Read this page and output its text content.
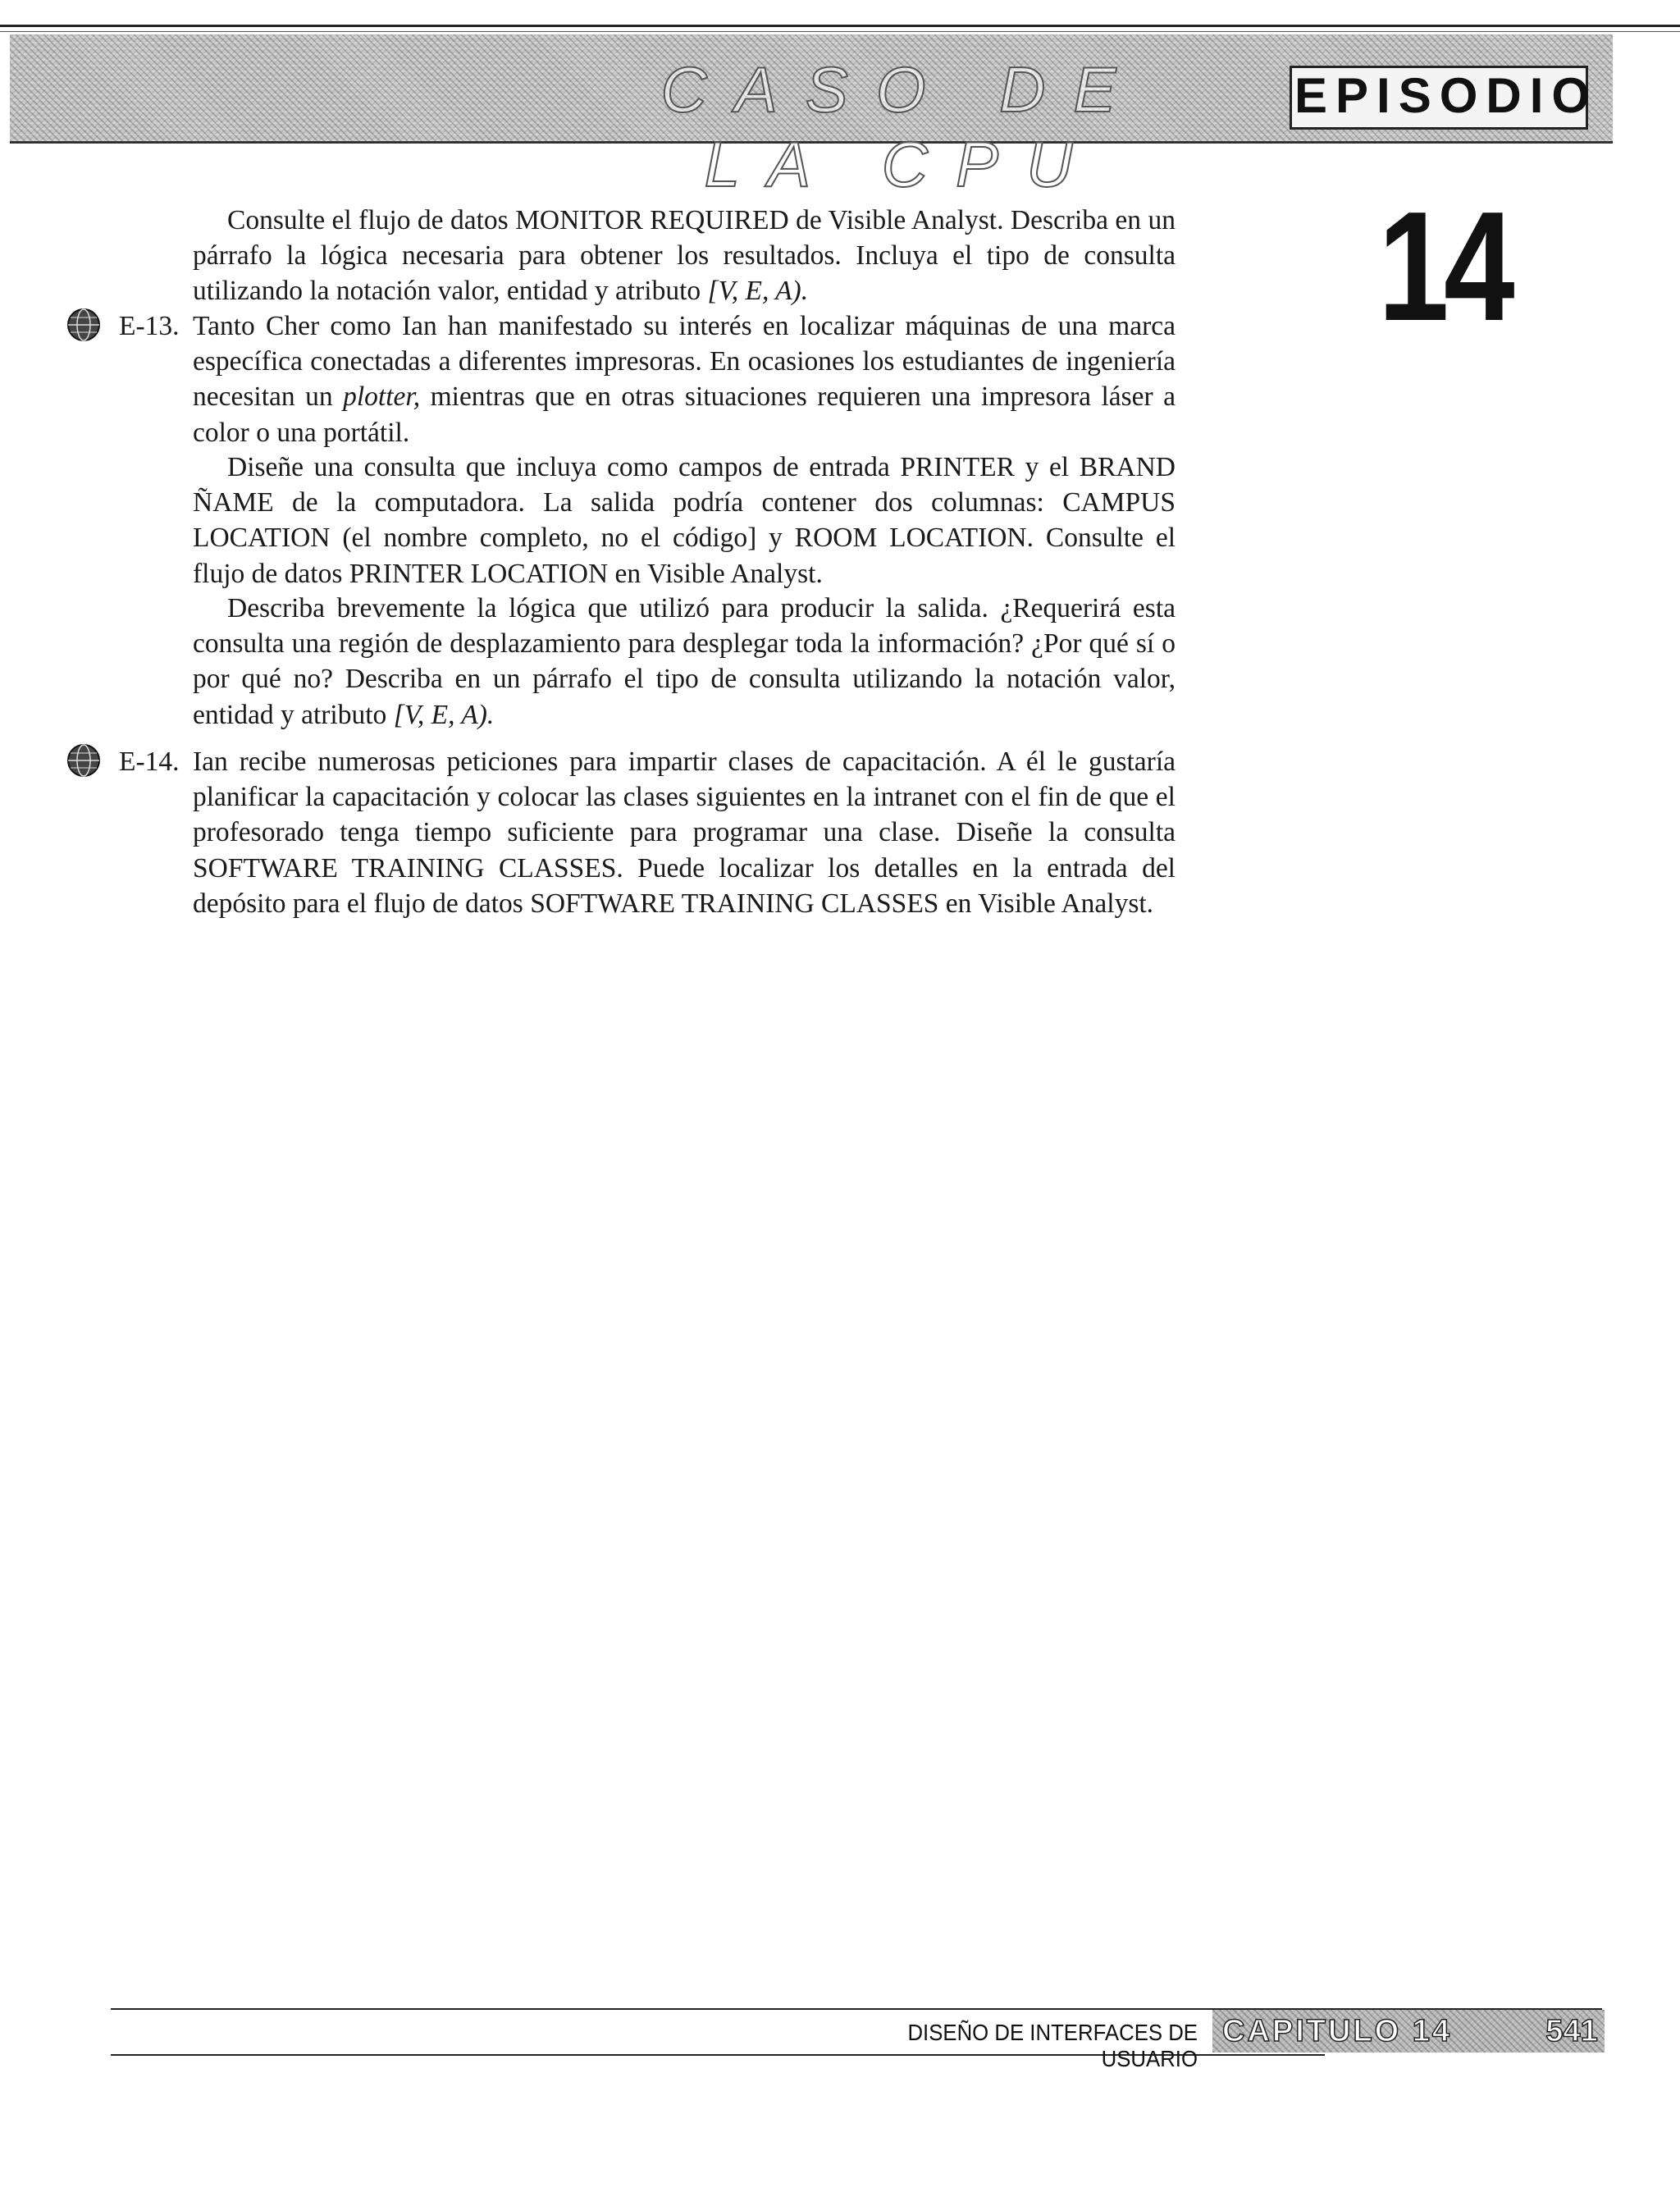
CASO DE LA CPU
EPISODIO
14

Consulte el flujo de datos MONITOR REQUIRED de Visible Analyst. Describa en un párrafo la lógica necesaria para obtener los resultados. Incluya el tipo de consulta utilizando la notación valor, entidad y atributo [V, E, A).

E-13. Tanto Cher como Ian han manifestado su interés en localizar máquinas de una marca específica conectadas a diferentes impresoras. En ocasiones los estudiantes de ingeniería necesitan un plotter, mientras que en otras situaciones requieren una impresora láser a color o una portátil.

Diseñe una consulta que incluya como campos de entrada PRINTER y el BRAND ÑAME de la computadora. La salida podría contener dos columnas: CAMPUS LOCATION (el nombre completo, no el código] y ROOM LOCATION. Consulte el flujo de datos PRINTER LOCATION en Visible Analyst.

Describa brevemente la lógica que utilizó para producir la salida. ¿Requerirá esta consulta una región de desplazamiento para desplegar toda la información? ¿Por qué sí o por qué no? Describa en un párrafo el tipo de consulta utilizando la notación valor, entidad y atributo [V, E, A).

E-14. Ian recibe numerosas peticiones para impartir clases de capacitación. A él le gustaría planificar la capacitación y colocar las clases siguientes en la intranet con el fin de que el profesorado tenga tiempo suficiente para programar una clase. Diseñe la consulta SOFTWARE TRAINING CLASSES. Puede localizar los detalles en la entrada del depósito para el flujo de datos SOFTWARE TRAINING CLASSES en Visible Analyst.

DISEÑO DE INTERFACES DE USUARIO
CAPITULO 14	541
